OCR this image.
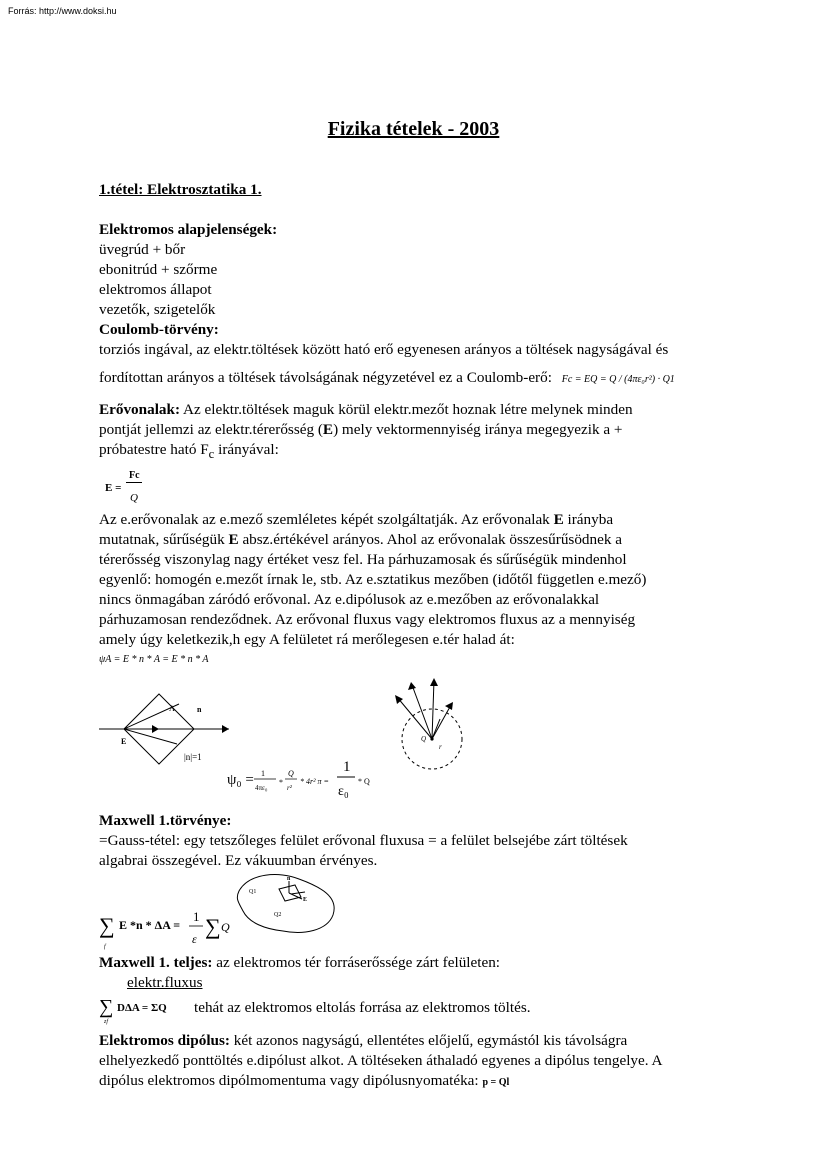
Forrás: http://www.doksi.hu
Fizika tételek - 2003

1.tétel: Elektrosztatika 1.

Elektromos alapjelenségek:

üvegrúd + bőr

ebonitrúd + szőrme

elektromos állapot

vezetők, szigetelők

Coulomb-törvény:

torziós ingával, az elektr.töltések között ható erő egyenesen arányos a töltések nagyságával és

fordítottan arányos a töltések távolságának négyzetével ez a Coulomb-erő: Fc = EQ = Q / (4πε₀r²) · Q1

Erővonalak: Az elektr.töltések maguk körül elektr.mezőt hoznak létre melynek minden

pontját jellemzi az elektr.térerősség (E) mely vektormennyiség iránya megegyezik a +

próbatestre ható $F_c$ irányával:

E =
Fc
Q

Az e.erővonalak az e.mező szemléletes képét szolgáltatják. Az erővonalak E irányba

mutatnak, sűrűségük E absz.értékével arányos. Ahol az erővonalak összesűrűsödnek a

térerősség viszonylag nagy értéket vesz fel. Ha párhuzamosak és sűrűségük mindenhol

egyenlő: homogén e.mezőt írnak le, stb. Az e.sztatikus mezőben (időtől független e.mező)

nincs önmagában záródó erővonal. Az e.dipólusok az e.mezőben az erővonalakkal

párhuzamosan rendeződnek. Az erővonal fluxus vagy elektromos fluxus az a mennyiség

amely úgy keletkezik,h egy A felületet rá merőlegesen e.tér halad át:

ψA = E * n * A = E * n * A

A	n
E
|n|=1
ψ₀ = 1
4πε₀
*
Q
r²
* 4r² π =
1
ε₀
* Q
Q
r

Maxwell 1.törvénye:

=Gauss-tétel: egy tetszőleges felület erővonal fluxusa = a felület belsejébe zárt töltések

algabrai összegével. Ez vákuumban érvényes.

∑
f
E *n * ΔA =
1
ε ∑ Q
Q1
Q2
n
E

Maxwell 1. teljes: az elektromos tér forráserőssége zárt felületen:

elektr.fluxus

∑
zf
DΔA = ΣQ tehát az elektromos eltolás forrása az elektromos töltés.

Elektromos dipólus: két azonos nagyságú, ellentétes előjelű, egymástól kis távolságra

elhelyezkedő ponttöltés e.dipólust alkot. A töltéseken áthaladó egyenes a dipólus tengelye. A

dipólus elektromos dipólmomentuma vagy dipólusnyomatéka: p = Ql
